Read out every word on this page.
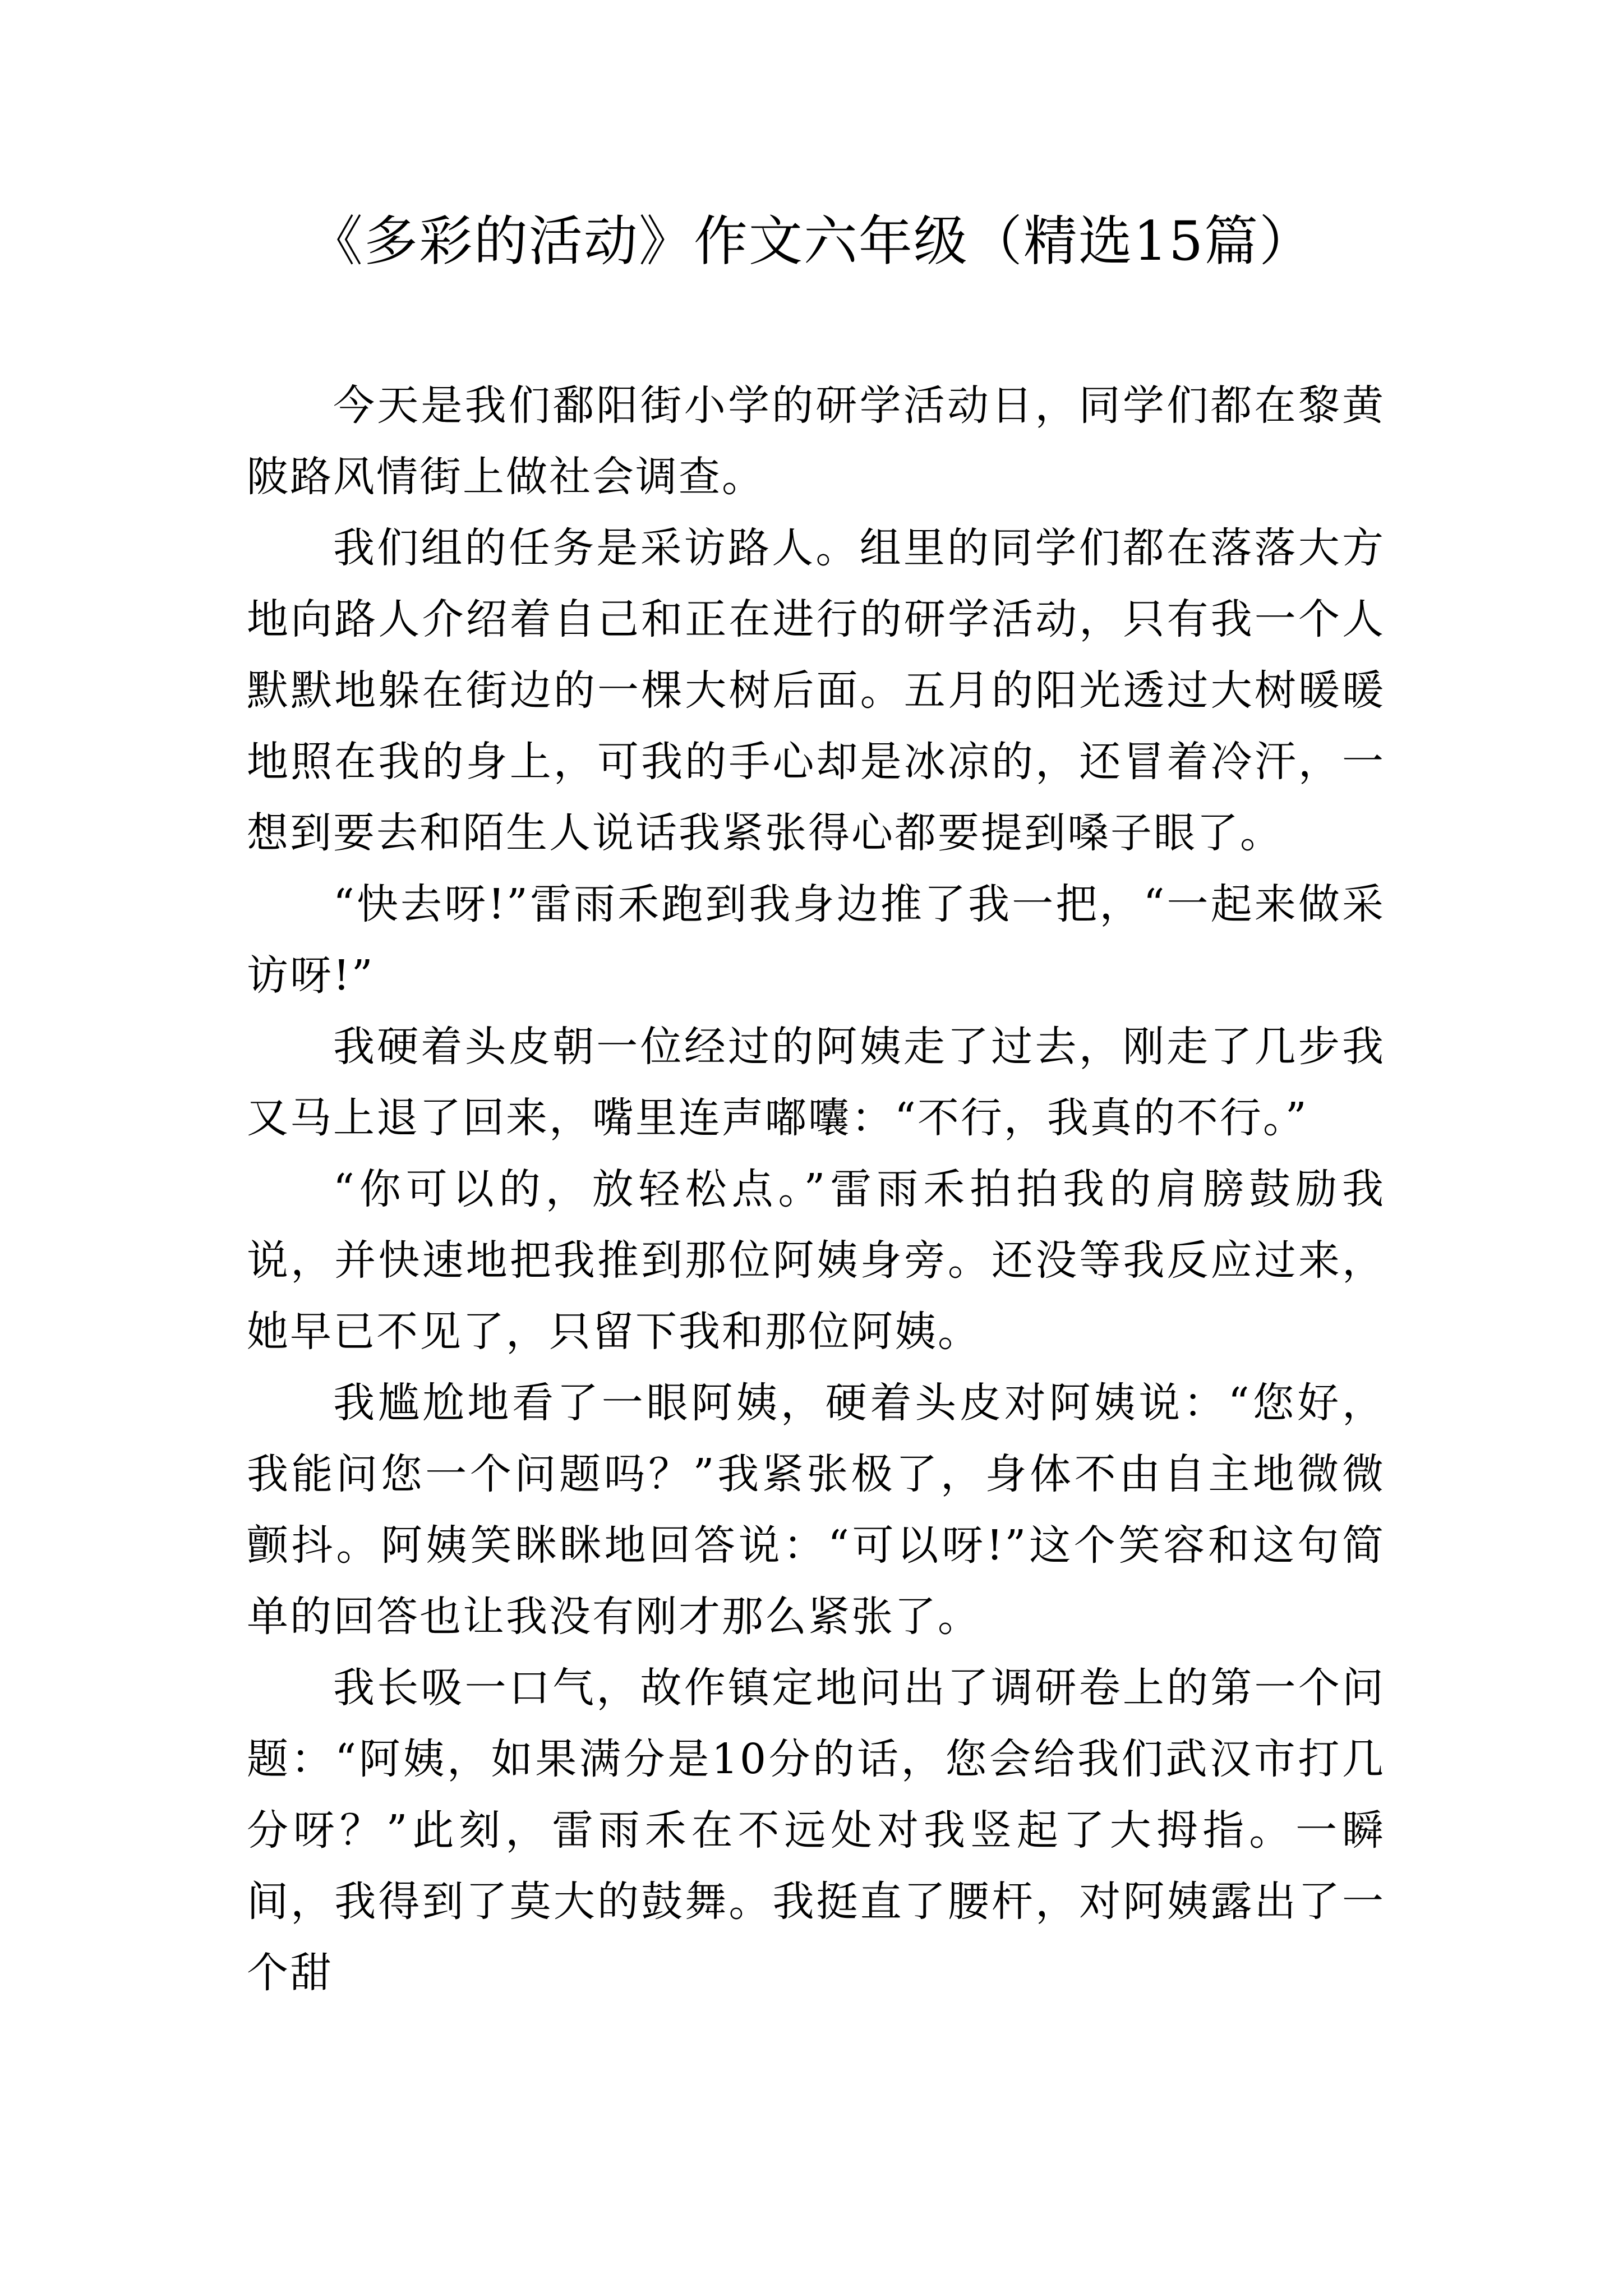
《多彩的活动》作文六年级（精选15篇）

今天是我们鄱阳街小学的研学活动日，同学们都在黎黄陂路风情街上做社会调查。

我们组的任务是采访路人。组里的同学们都在落落大方地向路人介绍着自己和正在进行的研学活动，只有我一个人默默地躲在街边的一棵大树后面。五月的阳光透过大树暖暖地照在我的身上，可我的手心却是冰凉的，还冒着冷汗，一想到要去和陌生人说话我紧张得心都要提到嗓子眼了。

“快去呀!”雷雨禾跑到我身边推了我一把，“一起来做采访呀!”

我硬着头皮朝一位经过的阿姨走了过去，刚走了几步我又马上退了回来，嘴里连声嘟囔：“不行，我真的不行。”

“你可以的，放轻松点。”雷雨禾拍拍我的肩膀鼓励我说，并快速地把我推到那位阿姨身旁。还没等我反应过来，她早已不见了，只留下我和那位阿姨。

我尴尬地看了一眼阿姨，硬着头皮对阿姨说：“您好，我能问您一个问题吗？”我紧张极了，身体不由自主地微微颤抖。阿姨笑眯眯地回答说：“可以呀!”这个笑容和这句简单的回答也让我没有刚才那么紧张了。

我长吸一口气，故作镇定地问出了调研卷上的第一个问题：“阿姨，如果满分是10分的话，您会给我们武汉市打几分呀？”此刻，雷雨禾在不远处对我竖起了大拇指。一瞬间，我得到了莫大的鼓舞。我挺直了腰杆，对阿姨露出了一个甜
